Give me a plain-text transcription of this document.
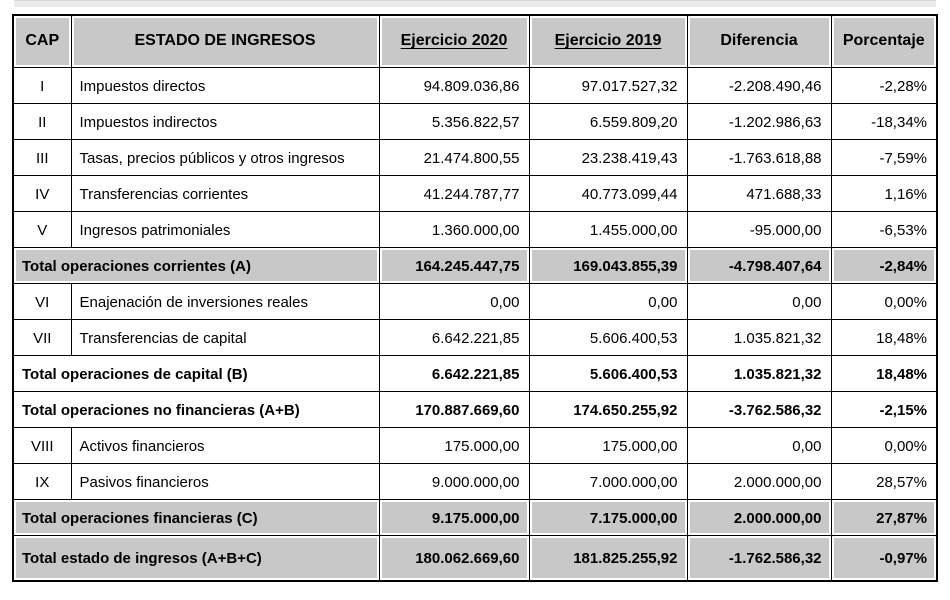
CAP	ESTADO DE INGRESOS	Ejercicio 2020	Ejercicio 2019	Diferencia	Porcentaje
I	Impuestos directos	94.809.036,86	97.017.527,32	-2.208.490,46	-2,28%
II	Impuestos indirectos	5.356.822,57	6.559.809,20	-1.202.986,63	-18,34%
III	Tasas, precios públicos y otros ingresos	21.474.800,55	23.238.419,43	-1.763.618,88	-7,59%
IV	Transferencias corrientes	41.244.787,77	40.773.099,44	471.688,33	1,16%
V	Ingresos patrimoniales	1.360.000,00	1.455.000,00	-95.000,00	-6,53%
Total operaciones corrientes (A)		164.245.447,75	169.043.855,39	-4.798.407,64	-2,84%
VI	Enajenación de inversiones reales	0,00	0,00	0,00	0,00%
VII	Transferencias de capital	6.642.221,85	5.606.400,53	1.035.821,32	18,48%
Total operaciones de capital (B)		6.642.221,85	5.606.400,53	1.035.821,32	18,48%
Total operaciones no financieras (A+B)		170.887.669,60	174.650.255,92	-3.762.586,32	-2,15%
VIII	Activos financieros	175.000,00	175.000,00	0,00	0,00%
IX	Pasivos financieros	9.000.000,00	7.000.000,00	2.000.000,00	28,57%
Total operaciones financieras (C)		9.175.000,00	7.175.000,00	2.000.000,00	27,87%
Total estado de ingresos (A+B+C)		180.062.669,60	181.825.255,92	-1.762.586,32	-0,97%
